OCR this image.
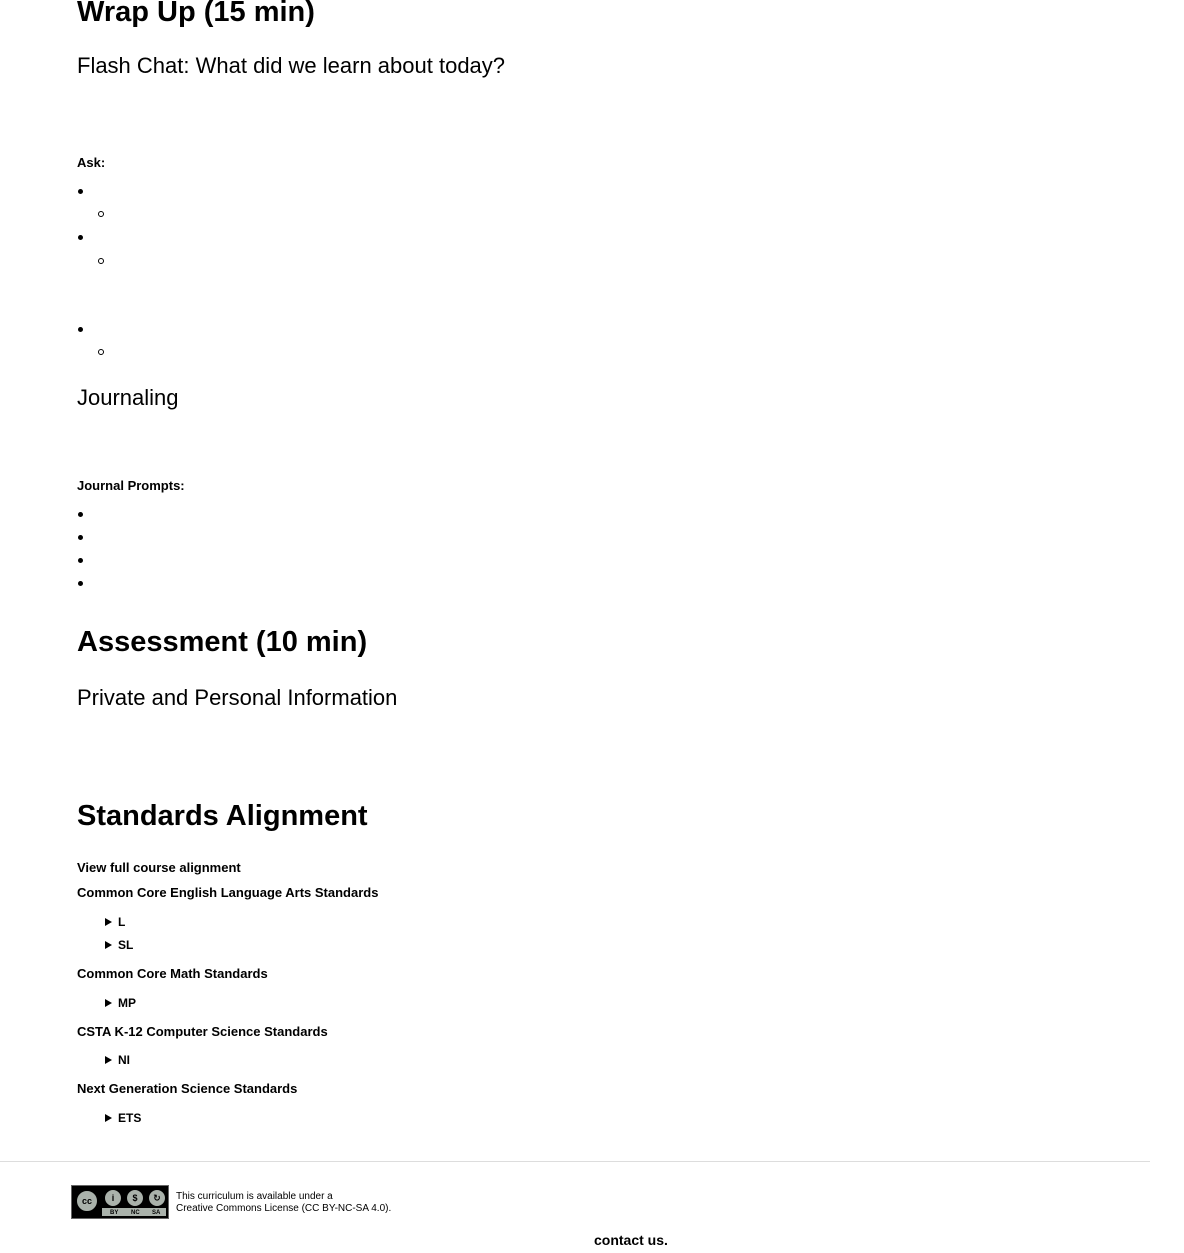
Wrap Up (15 min)
Flash Chat: What did we learn about today?
Ask:
Journaling
Journal Prompts:
Assessment (10 min)
Private and Personal Information
Standards Alignment
View full course alignment
Common Core English Language Arts Standards
L
SL
Common Core Math Standards
MP
CSTA K-12 Computer Science Standards
NI
Next Generation Science Standards
ETS
cc	i	$	↻
BY NC SA
This curriculum is available under a
Creative Commons License (CC BY-NC-SA 4.0).
contact us.
